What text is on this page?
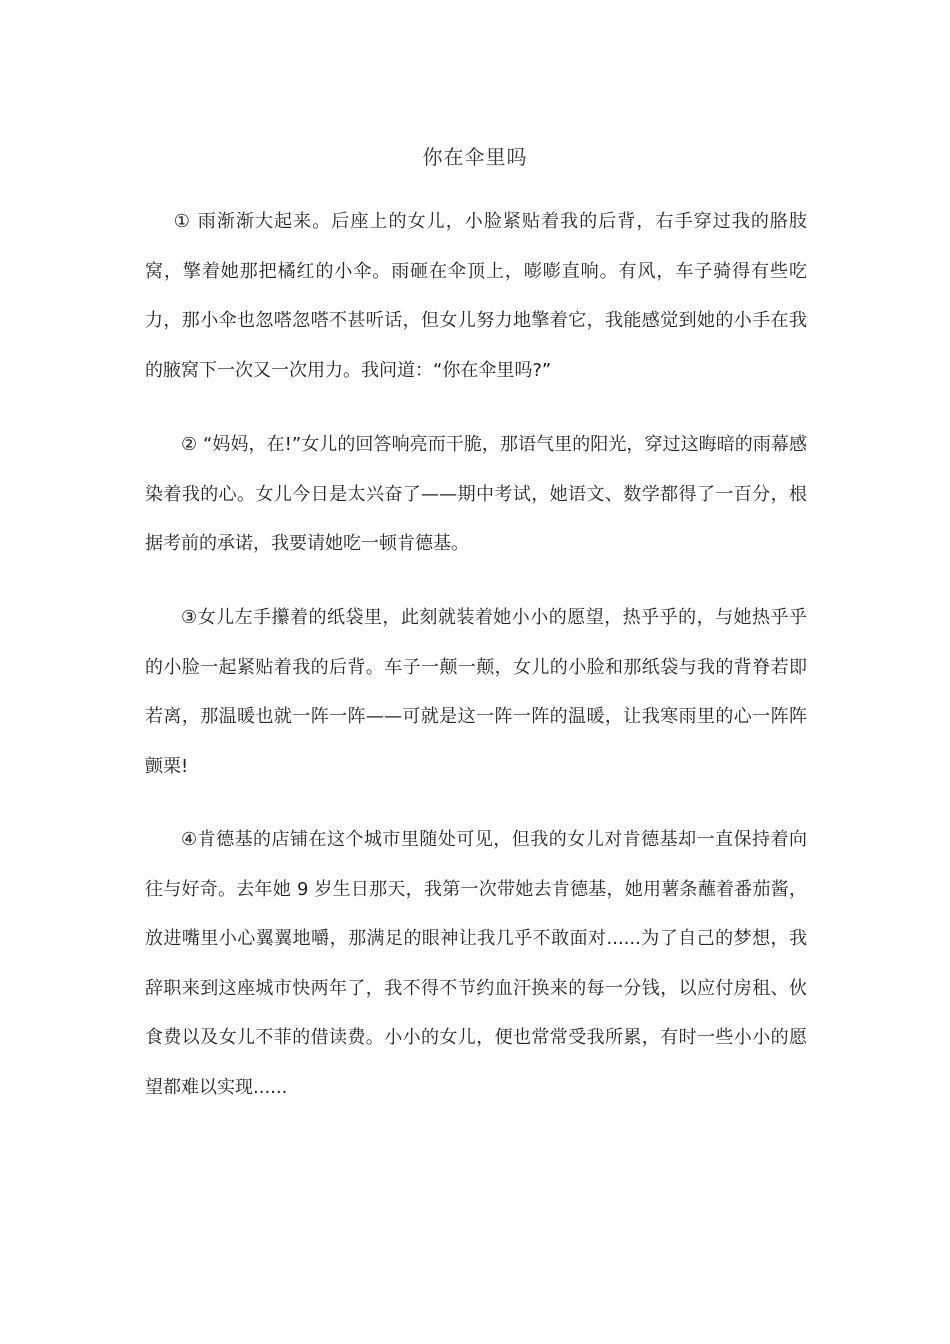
你在伞里吗

① 雨渐渐大起来。后座上的女儿，小脸紧贴着我的后背，右手穿过我的胳肢窝，擎着她那把橘红的小伞。雨砸在伞顶上，嘭嘭直响。有风，车子骑得有些吃力，那小伞也忽嗒忽嗒不甚听话，但女儿努力地擎着它，我能感觉到她的小手在我的腋窝下一次又一次用力。我问道：“你在伞里吗?”

② “妈妈，在!”女儿的回答响亮而干脆，那语气里的阳光，穿过这晦暗的雨幕感染着我的心。女儿今日是太兴奋了——期中考试，她语文、数学都得了一百分，根据考前的承诺，我要请她吃一顿肯德基。

③女儿左手攥着的纸袋里，此刻就装着她小小的愿望，热乎乎的，与她热乎乎的小脸一起紧贴着我的后背。车子一颠一颠，女儿的小脸和那纸袋与我的背脊若即若离，那温暖也就一阵一阵——可就是这一阵一阵的温暖，让我寒雨里的心一阵阵颤栗!

④肯德基的店铺在这个城市里随处可见，但我的女儿对肯德基却一直保持着向往与好奇。去年她 9 岁生日那天，我第一次带她去肯德基，她用薯条蘸着番茄酱，放进嘴里小心翼翼地嚼，那满足的眼神让我几乎不敢面对......为了自己的梦想，我辞职来到这座城市快两年了，我不得不节约血汗换来的每一分钱，以应付房租、伙食费以及女儿不菲的借读费。小小的女儿，便也常常受我所累，有时一些小小的愿望都难以实现......
